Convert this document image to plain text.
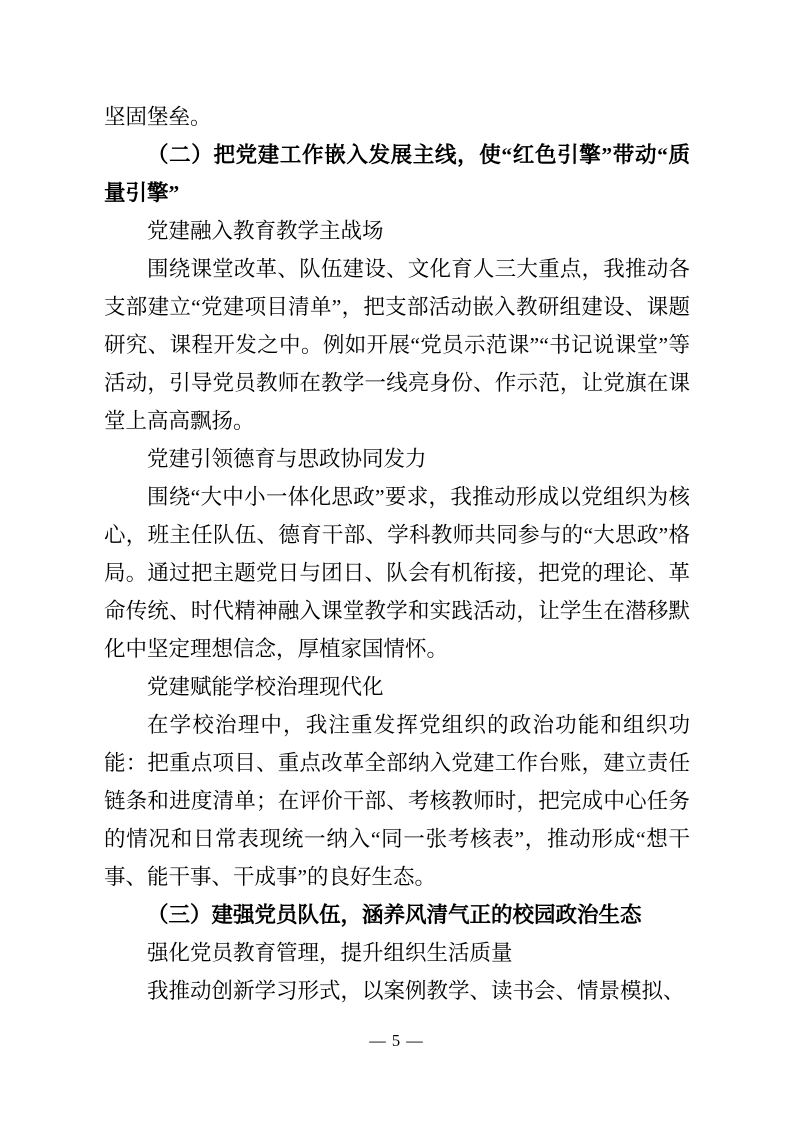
坚固堡垒。

（二）把党建工作嵌入发展主线，使“红色引擎”带动“质量引擎”

党建融入教育教学主战场

围绕课堂改革、队伍建设、文化育人三大重点，我推动各支部建立“党建项目清单”，把支部活动嵌入教研组建设、课题研究、课程开发之中。例如开展“党员示范课”“书记说课堂”等活动，引导党员教师在教学一线亮身份、作示范，让党旗在课堂上高高飘扬。

党建引领德育与思政协同发力

围绕“大中小一体化思政”要求，我推动形成以党组织为核心，班主任队伍、德育干部、学科教师共同参与的“大思政”格局。通过把主题党日与团日、队会有机衔接，把党的理论、革命传统、时代精神融入课堂教学和实践活动，让学生在潜移默化中坚定理想信念，厚植家国情怀。

党建赋能学校治理现代化

在学校治理中，我注重发挥党组织的政治功能和组织功能：把重点项目、重点改革全部纳入党建工作台账，建立责任链条和进度清单；在评价干部、考核教师时，把完成中心任务的情况和日常表现统一纳入“同一张考核表”，推动形成“想干事、能干事、干成事”的良好生态。

（三）建强党员队伍，涵养风清气正的校园政治生态

强化党员教育管理，提升组织生活质量

我推动创新学习形式，以案例教学、读书会、情景模拟、

— 5 —
